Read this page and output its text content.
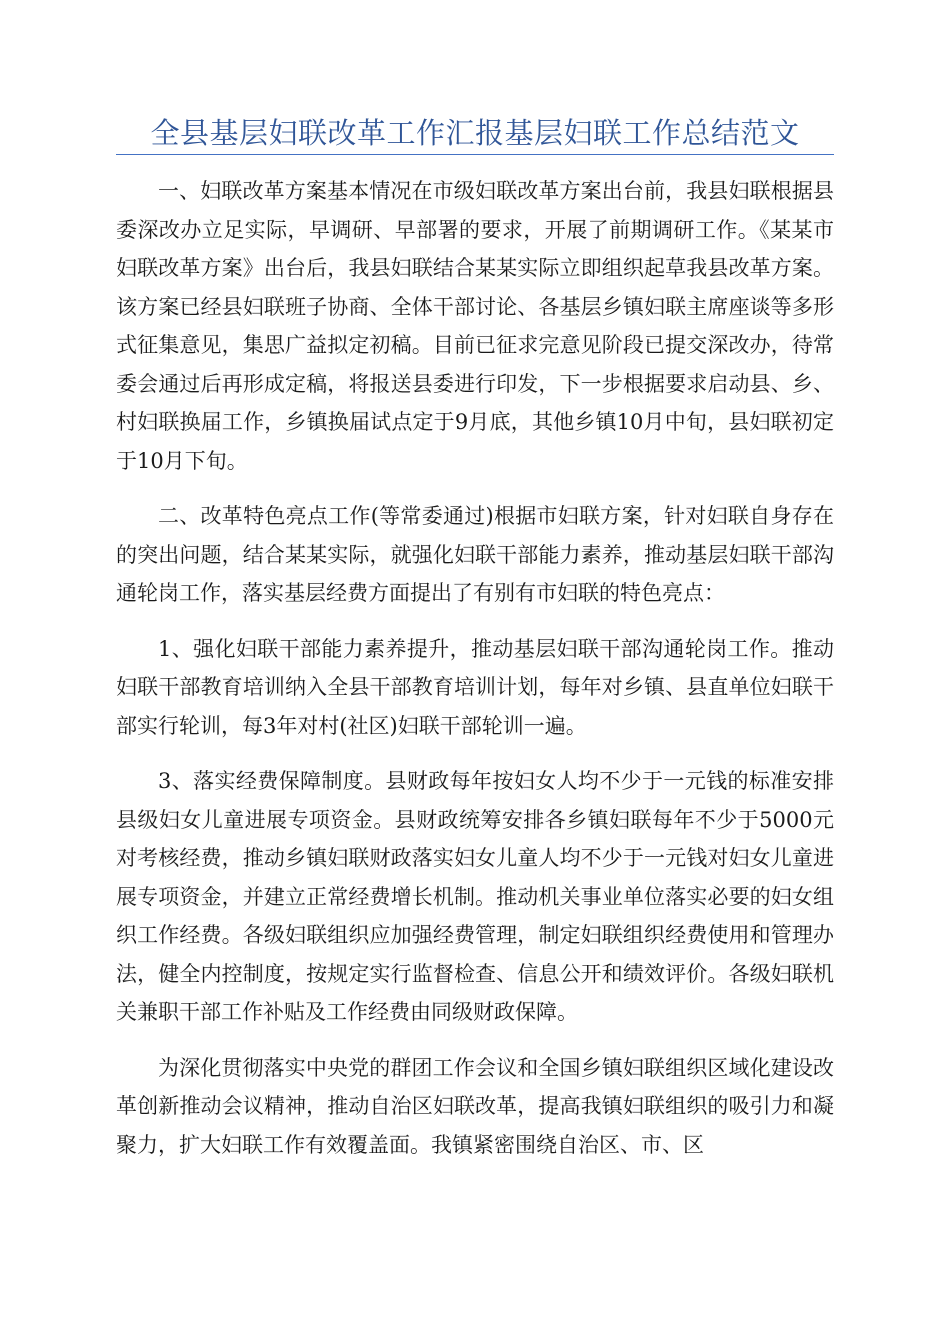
全县基层妇联改革工作汇报基层妇联工作总结范文

一、妇联改革方案基本情况在市级妇联改革方案出台前，我县妇联根据县委深改办立足实际，早调研、早部署的要求，开展了前期调研工作。《某某市妇联改革方案》出台后，我县妇联结合某某实际立即组织起草我县改革方案。该方案已经县妇联班子协商、全体干部讨论、各基层乡镇妇联主席座谈等多形式征集意见，集思广益拟定初稿。目前已征求完意见阶段已提交深改办，待常委会通过后再形成定稿，将报送县委进行印发，下一步根据要求启动县、乡、村妇联换届工作，乡镇换届试点定于9月底，其他乡镇10月中旬，县妇联初定于10月下旬。

二、改革特色亮点工作(等常委通过)根据市妇联方案，针对妇联自身存在的突出问题，结合某某实际，就强化妇联干部能力素养，推动基层妇联干部沟通轮岗工作，落实基层经费方面提出了有别有市妇联的特色亮点：

1、强化妇联干部能力素养提升，推动基层妇联干部沟通轮岗工作。推动妇联干部教育培训纳入全县干部教育培训计划，每年对乡镇、县直单位妇联干部实行轮训，每3年对村(社区)妇联干部轮训一遍。

3、落实经费保障制度。县财政每年按妇女人均不少于一元钱的标准安排县级妇女儿童进展专项资金。县财政统筹安排各乡镇妇联每年不少于5000元对考核经费，推动乡镇妇联财政落实妇女儿童人均不少于一元钱对妇女儿童进展专项资金，并建立正常经费增长机制。推动机关事业单位落实必要的妇女组织工作经费。各级妇联组织应加强经费管理，制定妇联组织经费使用和管理办法，健全内控制度，按规定实行监督检查、信息公开和绩效评价。各级妇联机关兼职干部工作补贴及工作经费由同级财政保障。

为深化贯彻落实中央党的群团工作会议和全国乡镇妇联组织区域化建设改革创新推动会议精神，推动自治区妇联改革，提高我镇妇联组织的吸引力和凝聚力，扩大妇联工作有效覆盖面。我镇紧密围绕自治区、市、区
